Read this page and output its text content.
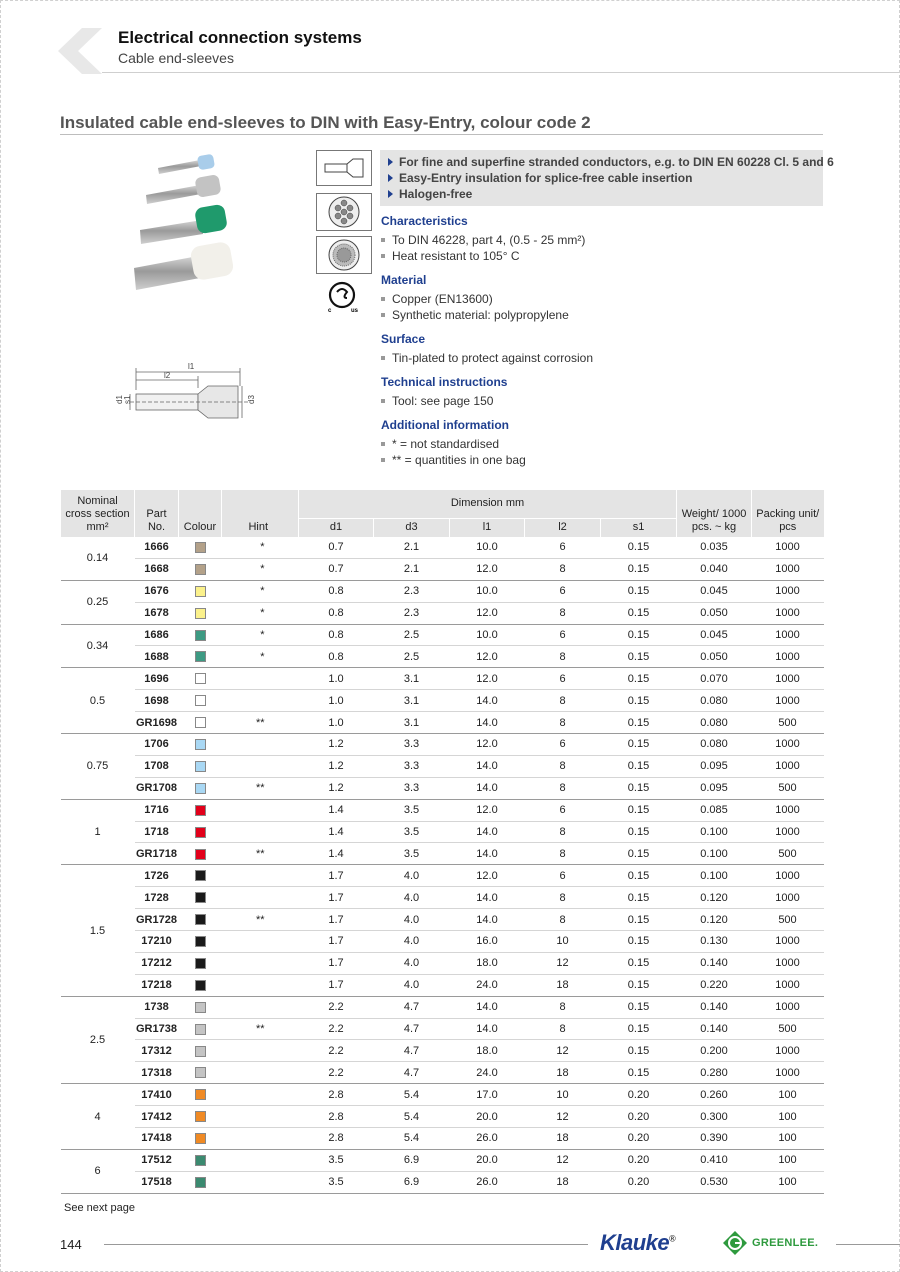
Electrical connection systems
Cable end-sleeves
Insulated cable end-sleeves to DIN with Easy-Entry, colour code 2
l1
l2
d1 s1	d3
c	us
For fine and superfine stranded conductors, e.g. to DIN EN 60228 Cl. 5 and 6
Easy-Entry insulation for splice-free cable insertion
Halogen-free
Characteristics
To DIN 46228, part 4, (0.5 - 25 mm²)
Heat resistant to 105° C
Material
Copper (EN13600)
Synthetic material: polypropylene
Surface
Tin-plated to protect against corrosion
Technical instructions
Tool: see page 150
Additional information
* = not standardised
** = quantities in one bag
Nominal cross section mm²	Part No.	Colour	Hint	Dimension mm					Weight/ 1000 pcs. ~ kg	Packing unit/ pcs
				d1	d3	l1	l2	s1		
0.14	1666		*	0.7	2.1	10.0	6	0.15	0.035	1000
	1668		*	0.7	2.1	12.0	8	0.15	0.040	1000
0.25	1676		*	0.8	2.3	10.0	6	0.15	0.045	1000
	1678		*	0.8	2.3	12.0	8	0.15	0.050	1000
0.34	1686		*	0.8	2.5	10.0	6	0.15	0.045	1000
	1688		*	0.8	2.5	12.0	8	0.15	0.050	1000
0.5	1696			1.0	3.1	12.0	6	0.15	0.070	1000
	1698			1.0	3.1	14.0	8	0.15	0.080	1000
	GR1698		**	1.0	3.1	14.0	8	0.15	0.080	500
0.75	1706			1.2	3.3	12.0	6	0.15	0.080	1000
	1708			1.2	3.3	14.0	8	0.15	0.095	1000
	GR1708		**	1.2	3.3	14.0	8	0.15	0.095	500
1	1716			1.4	3.5	12.0	6	0.15	0.085	1000
	1718			1.4	3.5	14.0	8	0.15	0.100	1000
	GR1718		**	1.4	3.5	14.0	8	0.15	0.100	500
1.5	1726			1.7	4.0	12.0	6	0.15	0.100	1000
	1728			1.7	4.0	14.0	8	0.15	0.120	1000
	GR1728		**	1.7	4.0	14.0	8	0.15	0.120	500
	17210			1.7	4.0	16.0	10	0.15	0.130	1000
	17212			1.7	4.0	18.0	12	0.15	0.140	1000
	17218			1.7	4.0	24.0	18	0.15	0.220	1000
2.5	1738			2.2	4.7	14.0	8	0.15	0.140	1000
	GR1738		**	2.2	4.7	14.0	8	0.15	0.140	500
	17312			2.2	4.7	18.0	12	0.15	0.200	1000
	17318			2.2	4.7	24.0	18	0.15	0.280	1000
4	17410			2.8	5.4	17.0	10	0.20	0.260	100
	17412			2.8	5.4	20.0	12	0.20	0.300	100
	17418			2.8	5.4	26.0	18	0.20	0.390	100
6	17512			3.5	6.9	20.0	12	0.20	0.410	100
	17518			3.5	6.9	26.0	18	0.20	0.530	100
See next page
144	Klauke®	GREENLEE.
